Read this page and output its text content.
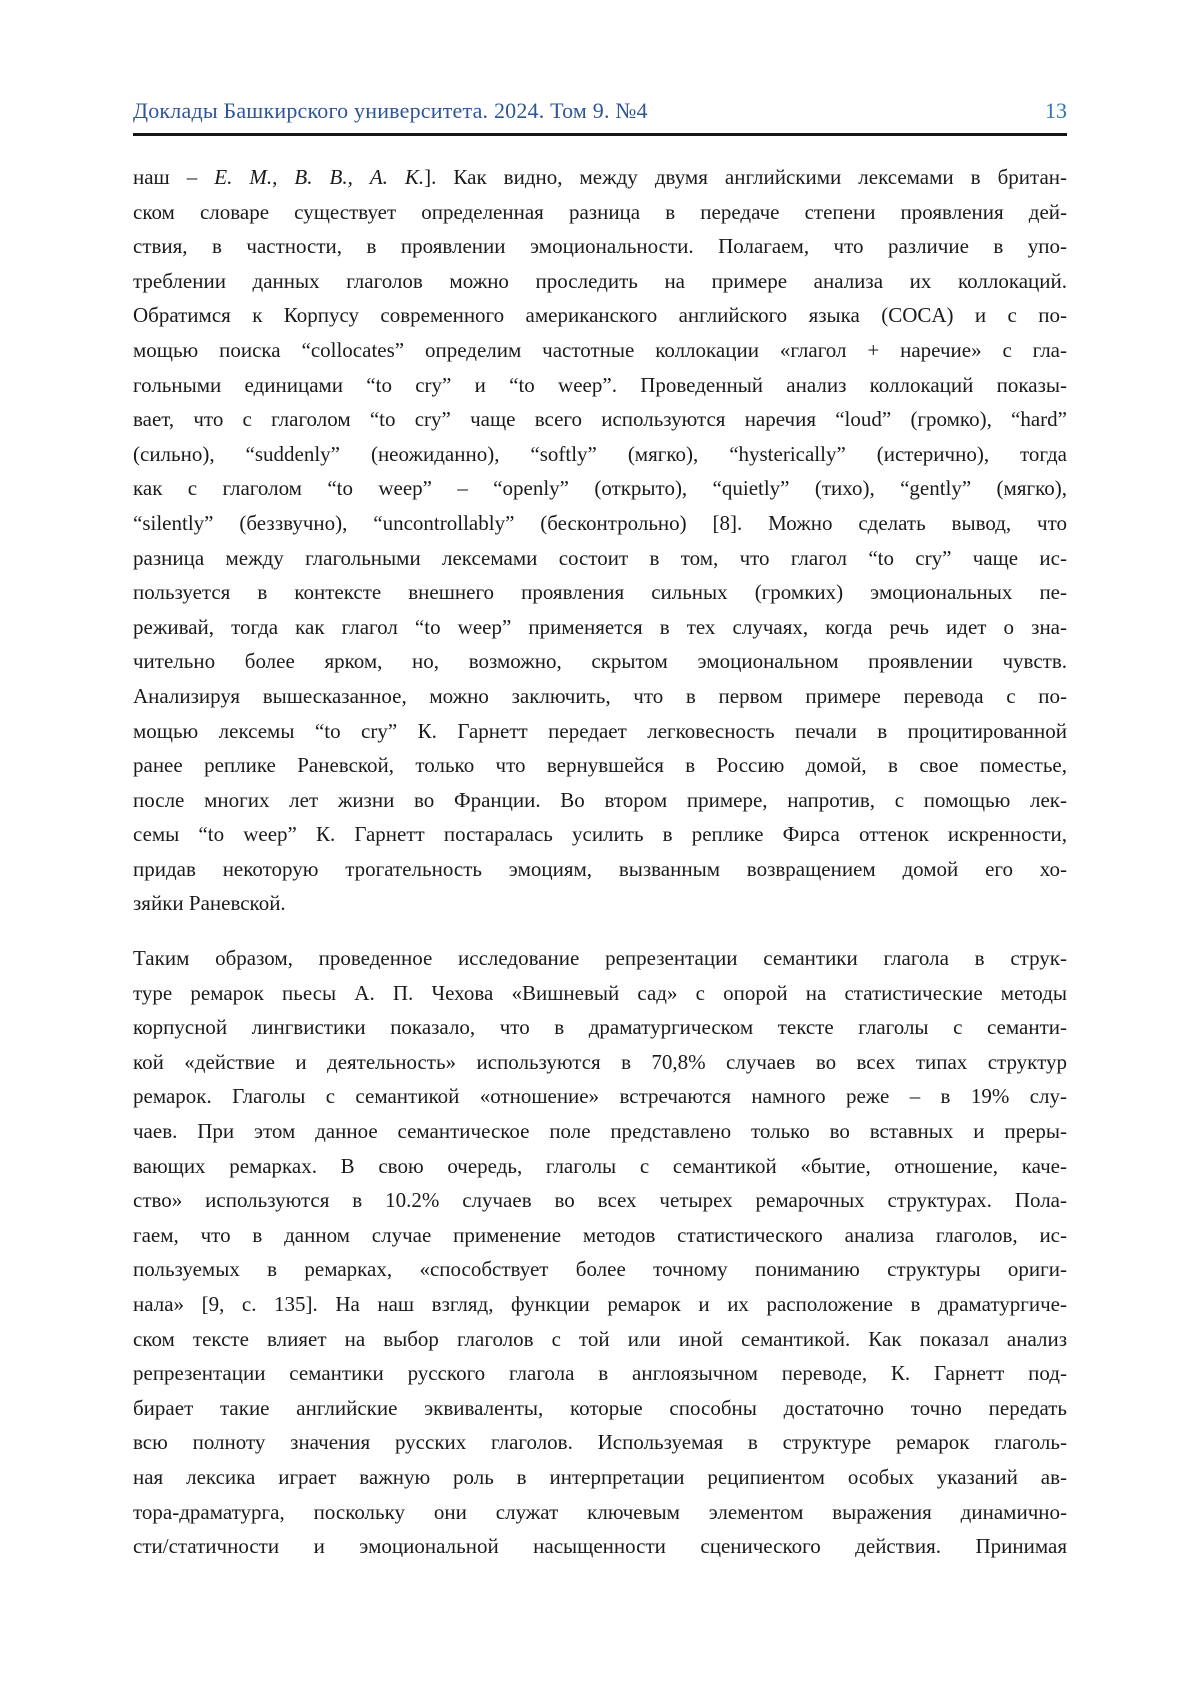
Доклады Башкирского университета. 2024. Том 9. №4	13
наш – Е. М., В. В., А. К.]. Как видно, между двумя английскими лексемами в британ-
ском словаре существует определенная разница в передаче степени проявления дей-
ствия, в частности, в проявлении эмоциональности. Полагаем, что различие в упо-
треблении данных глаголов можно проследить на примере анализа их коллокаций.
Обратимся к Корпусу современного американского английского языка (COCA) и с по-
мощью поиска “collocates” определим частотные коллокации «глагол + наречие» с гла-
гольными единицами “to cry” и “to weep”. Проведенный анализ коллокаций показы-
вает, что с глаголом “to cry” чаще всего используются наречия “loud” (громко), “hard”
(сильно), “suddenly” (неожиданно), “softly” (мягко), “hysterically” (истерично), тогда
как с глаголом “to weep” – “openly” (открыто), “quietly” (тихо), “gently” (мягко),
“silently” (беззвучно), “uncontrollably” (бесконтрольно) [8]. Можно сделать вывод, что
разница между глагольными лексемами состоит в том, что глагол “to cry” чаще ис-
пользуется в контексте внешнего проявления сильных (громких) эмоциональных пе-
реживай, тогда как глагол “to weep” применяется в тех случаях, когда речь идет о зна-
чительно более ярком, но, возможно, скрытом эмоциональном проявлении чувств.
Анализируя вышесказанное, можно заключить, что в первом примере перевода с по-
мощью лексемы “to cry” К. Гарнетт передает легковесность печали в процитированной
ранее реплике Раневской, только что вернувшейся в Россию домой, в свое поместье,
после многих лет жизни во Франции. Во втором примере, напротив, с помощью лек-
семы “to weep” К. Гарнетт постаралась усилить в реплике Фирса оттенок искренности,
придав некоторую трогательность эмоциям, вызванным возвращением домой его хо-
зяйки Раневской.
Таким образом, проведенное исследование репрезентации семантики глагола в струк-
туре ремарок пьесы А. П. Чехова «Вишневый сад» с опорой на статистические методы
корпусной лингвистики показало, что в драматургическом тексте глаголы с семанти-
кой «действие и деятельность» используются в 70,8% случаев во всех типах структур
ремарок. Глаголы с семантикой «отношение» встречаются намного реже – в 19% слу-
чаев. При этом данное семантическое поле представлено только во вставных и преры-
вающих ремарках. В свою очередь, глаголы с семантикой «бытие, отношение, каче-
ство» используются в 10.2% случаев во всех четырех ремарочных структурах. Пола-
гаем, что в данном случае применение методов статистического анализа глаголов, ис-
пользуемых в ремарках, «способствует более точному пониманию структуры ориги-
нала» [9, с. 135]. На наш взгляд, функции ремарок и их расположение в драматургиче-
ском тексте влияет на выбор глаголов с той или иной семантикой. Как показал анализ
репрезентации семантики русского глагола в англоязычном переводе, К. Гарнетт под-
бирает такие английские эквиваленты, которые способны достаточно точно передать
всю полноту значения русских глаголов. Используемая в структуре ремарок глаголь-
ная лексика играет важную роль в интерпретации реципиентом особых указаний ав-
тора-драматурга, поскольку они служат ключевым элементом выражения динамично-
сти/статичности и эмоциональной насыщенности сценического действия. Принимая
